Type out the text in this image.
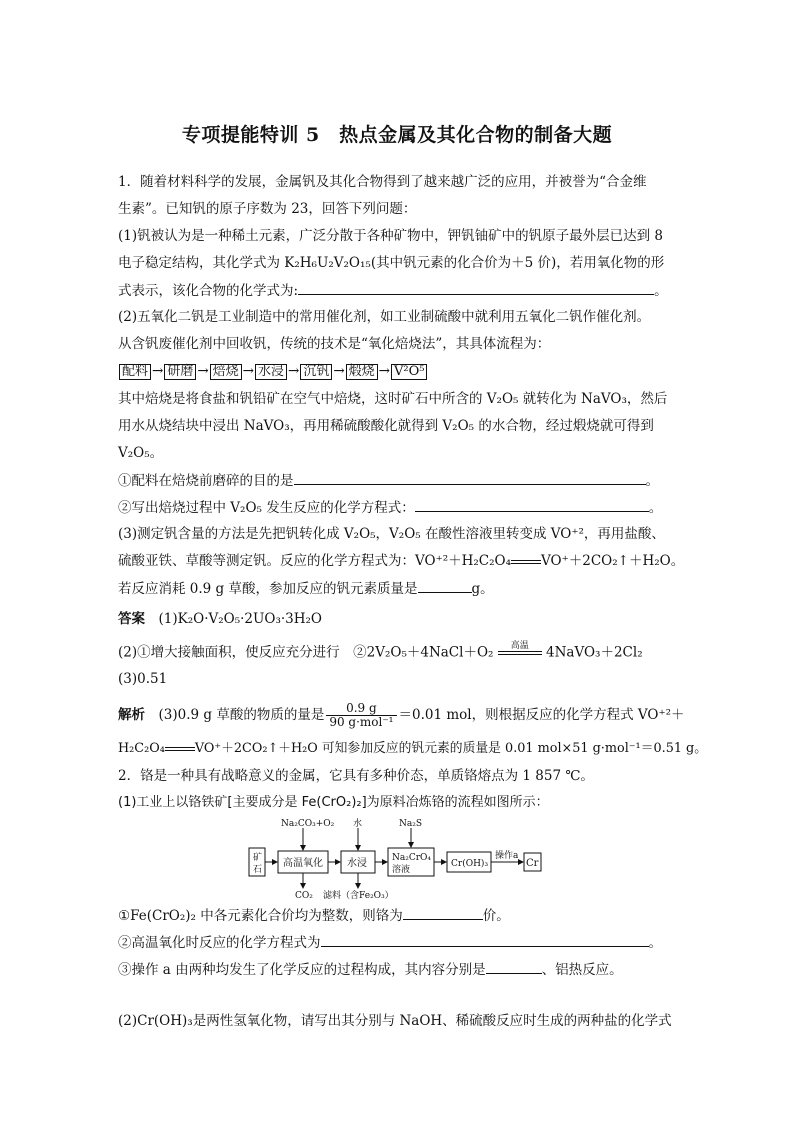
专项提能特训 5　热点金属及其化合物的制备大题
1．随着材料科学的发展，金属钒及其化合物得到了越来越广泛的应用，并被誉为“合金维
生素”。已知钒的原子序数为 23，回答下列问题：
(1)钒被认为是一种稀土元素，广泛分散于各种矿物中，钾钒铀矿中的钒原子最外层已达到 8
电子稳定结构，其化学式为 K₂H₆U₂V₂O₁₅(其中钒元素的化合价为＋5 价)，若用氧化物的形
式表示，该化合物的化学式为:	。
(2)五氧化二钒是工业制造中的常用催化剂，如工业制硫酸中就利用五氧化二钒作催化剂。
从含钒废催化剂中回收钒，传统的技术是“氧化焙烧法”，其具体流程为：
配料 → 研磨 → 焙烧 → 水浸 → 沉钒 → 煅烧 → V²O⁵
其中焙烧是将食盐和钒铅矿在空气中焙烧，这时矿石中所含的 V₂O₅ 就转化为 NaVO₃，然后
用水从烧结块中浸出 NaVO₃，再用稀硫酸酸化就得到 V₂O₅ 的水合物，经过煅烧就可得到
V₂O₅。
①配料在焙烧前磨碎的目的是	。
②写出焙烧过程中 V₂O₅ 发生反应的化学方程式：	。
(3)测定钒含量的方法是先把钒转化成 V₂O₅，V₂O₅ 在酸性溶液里转变成 VO⁺²，再用盐酸、
硫酸亚铁、草酸等测定钒。反应的化学方程式为：VO⁺²＋H₂C₂O₄ VO⁺＋2CO₂↑＋H₂O。
若反应消耗 0.9 g 草酸，参加反应的钒元素质量是	g。
答案　 (1)K₂O·V₂O₅·2UO₃·3H₂O
(2)①增大接触面积，使反应充分进行　②2V₂O₅＋4NaCl＋O₂	高温
	4NaVO₃＋2Cl₂
(3)0.51
解析　 (3)0.9 g 草酸的物质的量是 $\frac{0.9 g}{\text{90 g·mol⁻¹}} =0.01$ mol，则根据反应的化学方程式 VO⁺²＋
H₂C₂O₄ VO⁺＋2CO₂↑＋H₂O 可知参加反应的钒元素的质量是 0.01 mol×51 g·mol⁻¹＝0.51 g。
2．铬是一种具有战略意义的金属，它具有多种价态，单质铬熔点为 1 857 ℃。
(1)工业上以铬铁矿[主要成分是 Fe(CrO₂)₂]为原料冶炼铬的流程如图所示：
矿
石
高温氧化
Na₂CO₃+O₂
CO₂
水浸
水
滤料（含Fe₂O₃）
Na₂CrO₄
溶液
Na₂S
Cr(OH)₃
操作a
Cr
①Fe(CrO₂)₂ 中各元素化合价均为整数，则铬为	价。
②高温氧化时反应的化学方程式为	。
③操作 a 由两种均发生了化学反应的过程构成，其内容分别是	、铝热反应。
(2)Cr(OH)₃是两性氢氧化物，请写出其分别与 NaOH、稀硫酸反应时生成的两种盐的化学式
